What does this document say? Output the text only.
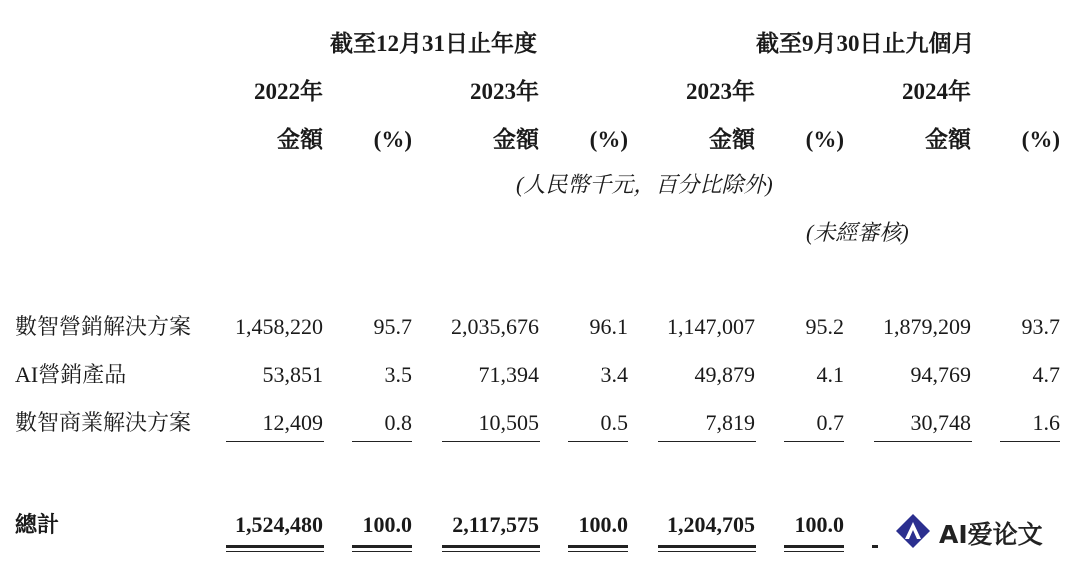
截至12月31日止年度	截至9月30日止九個月
2022年	2023年	2023年	2024年
金額	(%)	金額	(%)	金額	(%)	金額	(%)
(人民幣千元，百分比除外)
(未經審核)
數智營銷解決方案	1,458,220	95.7	2,035,676	96.1	1,147,007	95.2	1,879,209	93.7
AI營銷產品	53,851	3.5	71,394	3.4	49,879	4.1	94,769	4.7
數智商業解決方案	12,409	0.8	10,505	0.5	7,819	0.7	30,748	1.6
總計	1,524,480	100.0	2,117,575	100.0	1,204,705	100.0	AI爱论文
